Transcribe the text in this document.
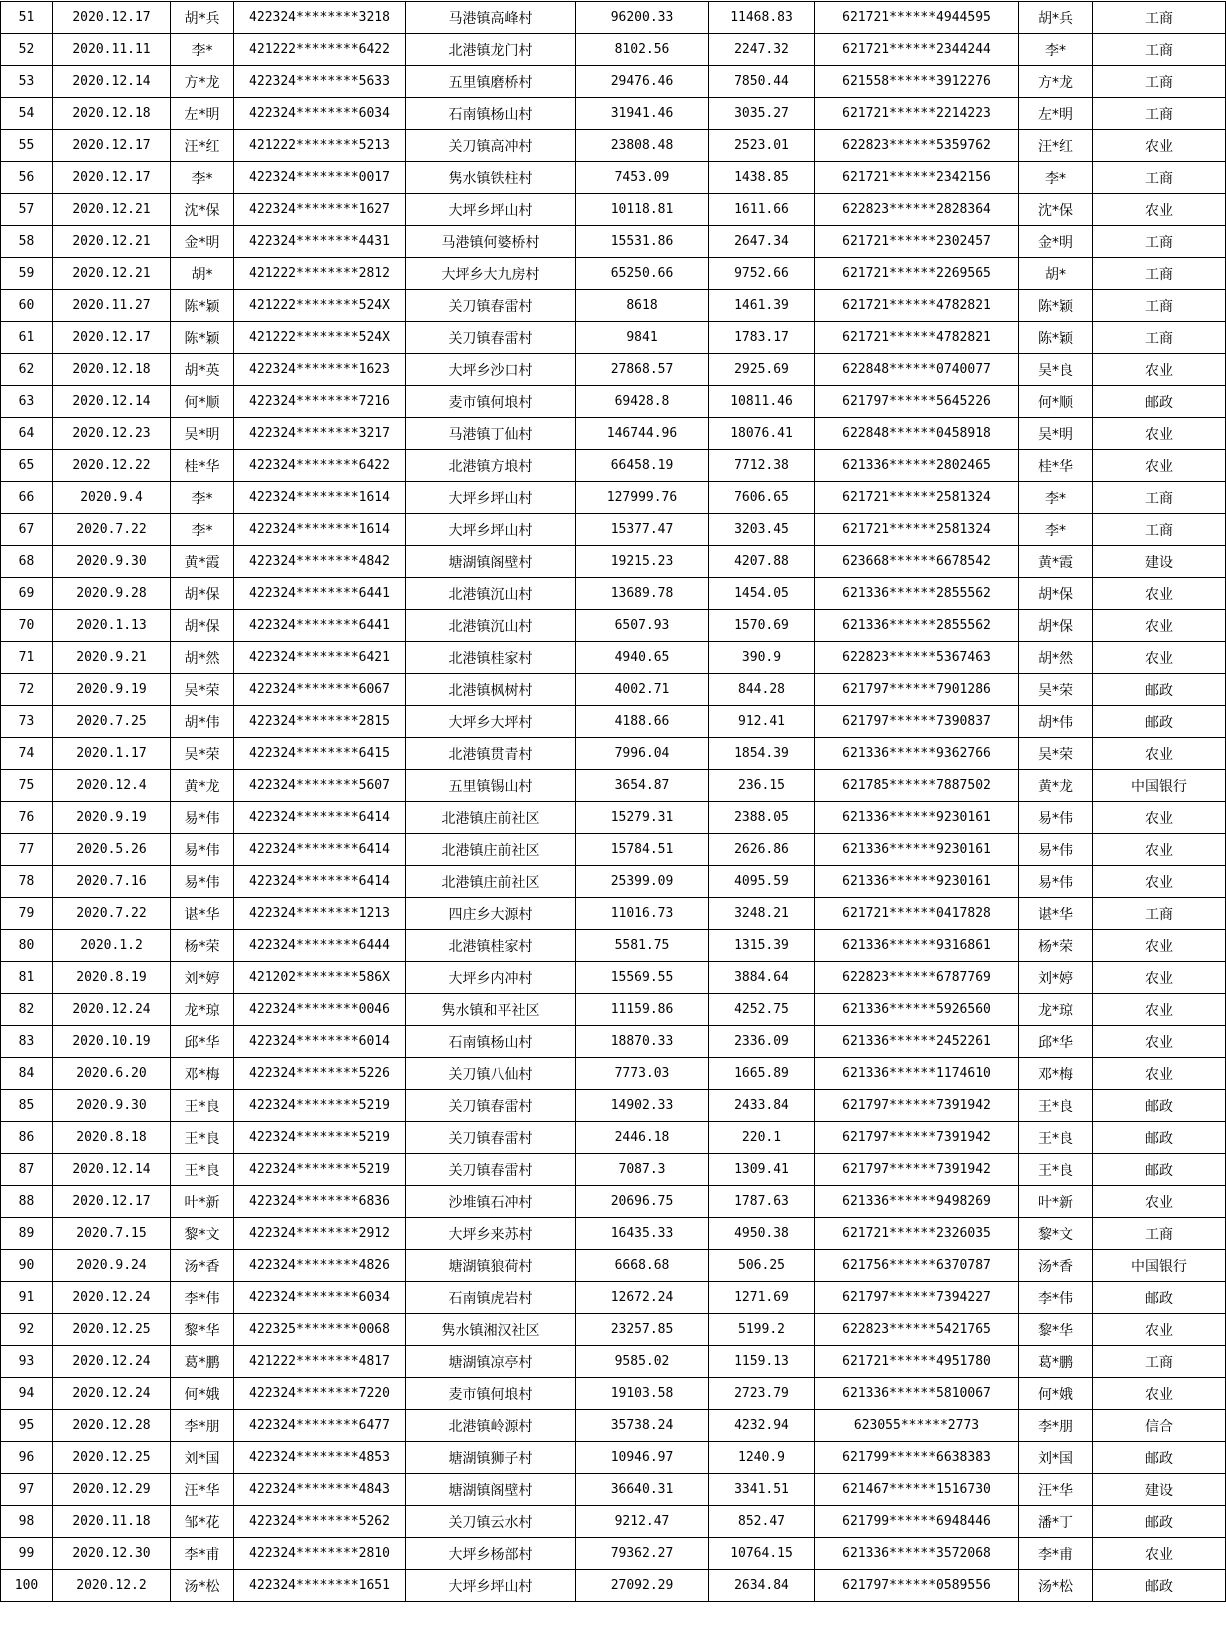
51	2020.12.17	胡*兵	422324********3218	马港镇高峰村	96200.33	11468.83	621721******4944595	胡*兵	工商
52	2020.11.11	李*	421222********6422	北港镇龙门村	8102.56	2247.32	621721******2344244	李*	工商
53	2020.12.14	方*龙	422324********5633	五里镇磨桥村	29476.46	7850.44	621558******3912276	方*龙	工商
54	2020.12.18	左*明	422324********6034	石南镇杨山村	31941.46	3035.27	621721******2214223	左*明	工商
55	2020.12.17	汪*红	421222********5213	关刀镇高冲村	23808.48	2523.01	622823******5359762	汪*红	农业
56	2020.12.17	李*	422324********0017	隽水镇铁柱村	7453.09	1438.85	621721******2342156	李*	工商
57	2020.12.21	沈*保	422324********1627	大坪乡坪山村	10118.81	1611.66	622823******2828364	沈*保	农业
58	2020.12.21	金*明	422324********4431	马港镇何婆桥村	15531.86	2647.34	621721******2302457	金*明	工商
59	2020.12.21	胡*	421222********2812	大坪乡大九房村	65250.66	9752.66	621721******2269565	胡*	工商
60	2020.11.27	陈*颖	421222********524X	关刀镇春雷村	8618	1461.39	621721******4782821	陈*颖	工商
61	2020.12.17	陈*颖	421222********524X	关刀镇春雷村	9841	1783.17	621721******4782821	陈*颖	工商
62	2020.12.18	胡*英	422324********1623	大坪乡沙口村	27868.57	2925.69	622848******0740077	吴*良	农业
63	2020.12.14	何*顺	422324********7216	麦市镇何埌村	69428.8	10811.46	621797******5645226	何*顺	邮政
64	2020.12.23	吴*明	422324********3217	马港镇丁仙村	146744.96	18076.41	622848******0458918	吴*明	农业
65	2020.12.22	桂*华	422324********6422	北港镇方埌村	66458.19	7712.38	621336******2802465	桂*华	农业
66	2020.9.4	李*	422324********1614	大坪乡坪山村	127999.76	7606.65	621721******2581324	李*	工商
67	2020.7.22	李*	422324********1614	大坪乡坪山村	15377.47	3203.45	621721******2581324	李*	工商
68	2020.9.30	黄*霞	422324********4842	塘湖镇阁壁村	19215.23	4207.88	623668******6678542	黄*霞	建设
69	2020.9.28	胡*保	422324********6441	北港镇沉山村	13689.78	1454.05	621336******2855562	胡*保	农业
70	2020.1.13	胡*保	422324********6441	北港镇沉山村	6507.93	1570.69	621336******2855562	胡*保	农业
71	2020.9.21	胡*然	422324********6421	北港镇桂家村	4940.65	390.9	622823******5367463	胡*然	农业
72	2020.9.19	吴*荣	422324********6067	北港镇枫树村	4002.71	844.28	621797******7901286	吴*荣	邮政
73	2020.7.25	胡*伟	422324********2815	大坪乡大坪村	4188.66	912.41	621797******7390837	胡*伟	邮政
74	2020.1.17	吴*荣	422324********6415	北港镇贯青村	7996.04	1854.39	621336******9362766	吴*荣	农业
75	2020.12.4	黄*龙	422324********5607	五里镇锡山村	3654.87	236.15	621785******7887502	黄*龙	中国银行
76	2020.9.19	易*伟	422324********6414	北港镇庄前社区	15279.31	2388.05	621336******9230161	易*伟	农业
77	2020.5.26	易*伟	422324********6414	北港镇庄前社区	15784.51	2626.86	621336******9230161	易*伟	农业
78	2020.7.16	易*伟	422324********6414	北港镇庄前社区	25399.09	4095.59	621336******9230161	易*伟	农业
79	2020.7.22	谌*华	422324********1213	四庄乡大源村	11016.73	3248.21	621721******0417828	谌*华	工商
80	2020.1.2	杨*荣	422324********6444	北港镇桂家村	5581.75	1315.39	621336******9316861	杨*荣	农业
81	2020.8.19	刘*婷	421202********586X	大坪乡内冲村	15569.55	3884.64	622823******6787769	刘*婷	农业
82	2020.12.24	龙*琼	422324********0046	隽水镇和平社区	11159.86	4252.75	621336******5926560	龙*琼	农业
83	2020.10.19	邱*华	422324********6014	石南镇杨山村	18870.33	2336.09	621336******2452261	邱*华	农业
84	2020.6.20	邓*梅	422324********5226	关刀镇八仙村	7773.03	1665.89	621336******1174610	邓*梅	农业
85	2020.9.30	王*良	422324********5219	关刀镇春雷村	14902.33	2433.84	621797******7391942	王*良	邮政
86	2020.8.18	王*良	422324********5219	关刀镇春雷村	2446.18	220.1	621797******7391942	王*良	邮政
87	2020.12.14	王*良	422324********5219	关刀镇春雷村	7087.3	1309.41	621797******7391942	王*良	邮政
88	2020.12.17	叶*新	422324********6836	沙堆镇石冲村	20696.75	1787.63	621336******9498269	叶*新	农业
89	2020.7.15	黎*文	422324********2912	大坪乡来苏村	16435.33	4950.38	621721******2326035	黎*文	工商
90	2020.9.24	汤*香	422324********4826	塘湖镇狼荷村	6668.68	506.25	621756******6370787	汤*香	中国银行
91	2020.12.24	李*伟	422324********6034	石南镇虎岩村	12672.24	1271.69	621797******7394227	李*伟	邮政
92	2020.12.25	黎*华	422325********0068	隽水镇湘汉社区	23257.85	5199.2	622823******5421765	黎*华	农业
93	2020.12.24	葛*鹏	421222********4817	塘湖镇凉亭村	9585.02	1159.13	621721******4951780	葛*鹏	工商
94	2020.12.24	何*娥	422324********7220	麦市镇何埌村	19103.58	2723.79	621336******5810067	何*娥	农业
95	2020.12.28	李*朋	422324********6477	北港镇岭源村	35738.24	4232.94	623055******2773	李*朋	信合
96	2020.12.25	刘*国	422324********4853	塘湖镇狮子村	10946.97	1240.9	621799******6638383	刘*国	邮政
97	2020.12.29	汪*华	422324********4843	塘湖镇阁壁村	36640.31	3341.51	621467******1516730	汪*华	建设
98	2020.11.18	邹*花	422324********5262	关刀镇云水村	9212.47	852.47	621799******6948446	潘*丁	邮政
99	2020.12.30	李*甫	422324********2810	大坪乡杨部村	79362.27	10764.15	621336******3572068	李*甫	农业
100	2020.12.2	汤*松	422324********1651	大坪乡坪山村	27092.29	2634.84	621797******0589556	汤*松	邮政
